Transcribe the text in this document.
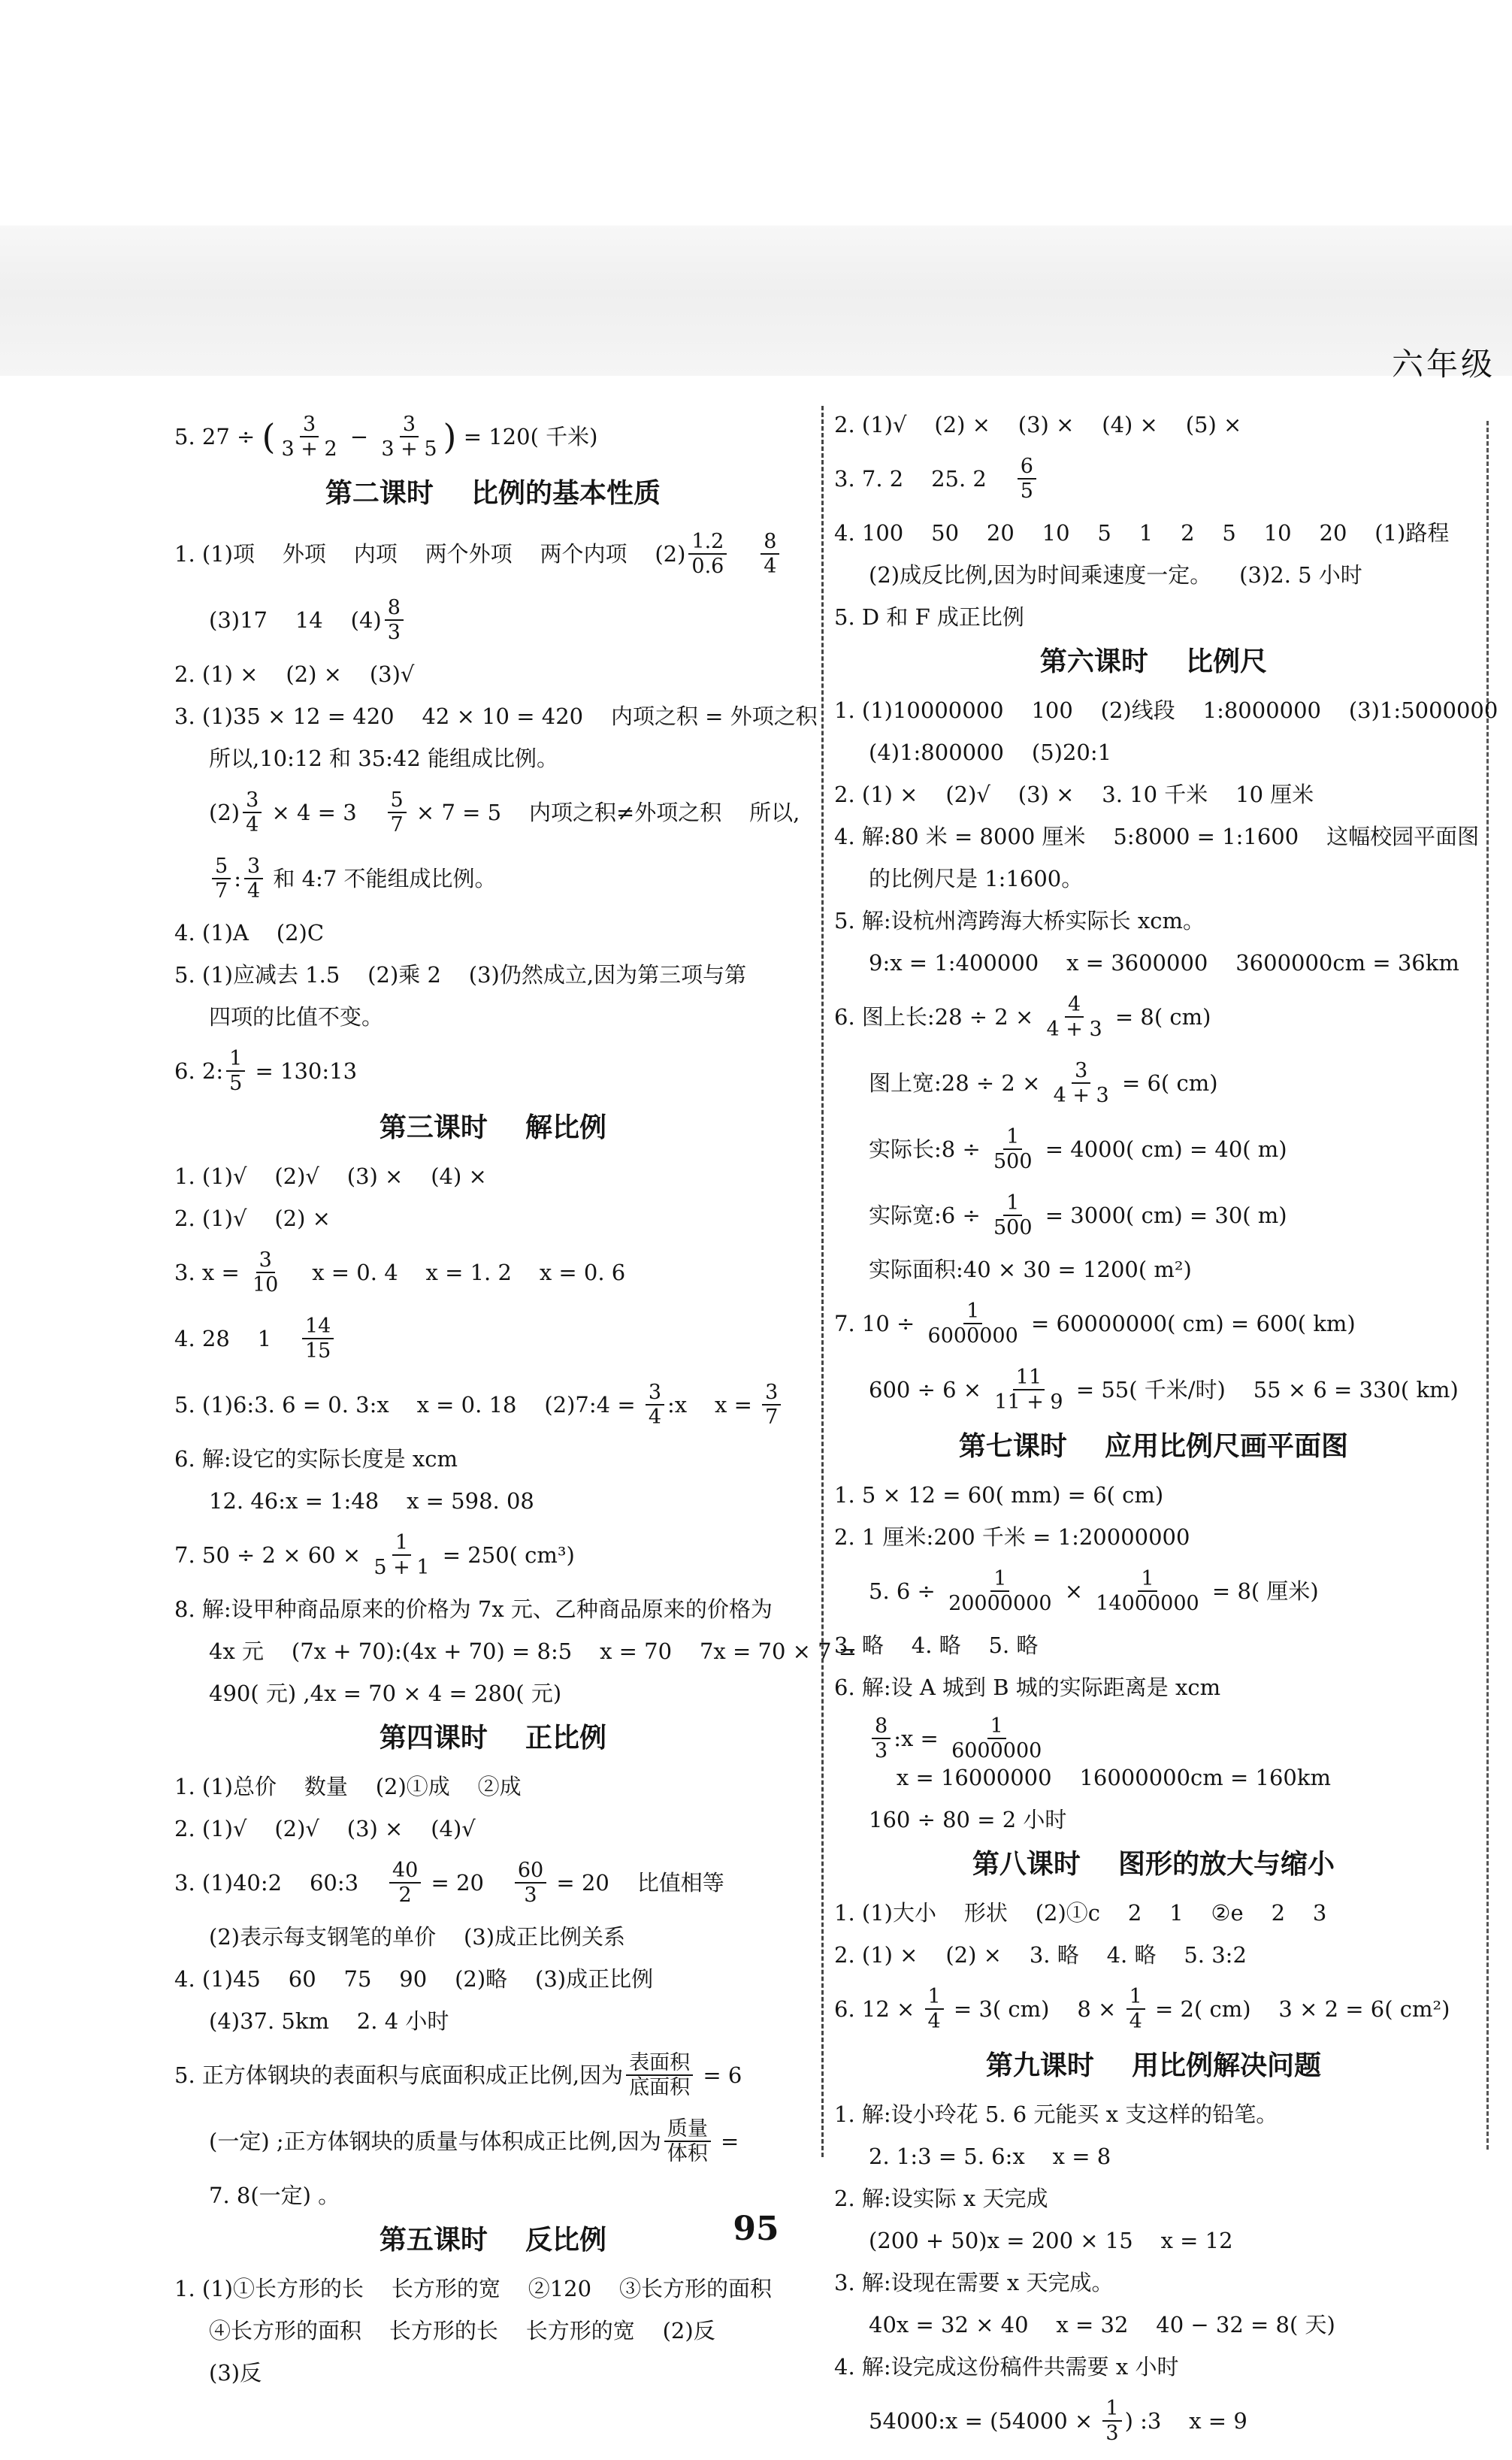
六年级
5. 27 ÷ ( $\frac{3}{3 + 2} - \frac{3}{3 + 5}$ ) = 120( 千米)
第二课时    比例的基本性质
1. (1)项    外项    内项    两个外项    两个内项    $(2) \frac{1.2}{0.6}$
$\frac{8}{4}$
(3)17    14    $(4) \frac{8}{3}$
2. (1) ×    (2) ×    (3)√
3. (1)35 × 12 = 420    42 × 10 = 420    内项之积 = 外项之积
所以,10:12 和 35:42 能组成比例。
$(2) \frac{3}{4} \times 4 = 3 \frac{5}{7} \times 7 = 5$    内项之积≠外项之积    所以,
$\frac{5}{7}$ : $\frac{3}{4}$ 和 4:7 不能组成比例。
4. (1)A    (2)C
5. (1)应减去 1.5    (2)乘 2    (3)仍然成立,因为第三项与第
四项的比值不变。
6. 2: $\frac{1}{5}$ = 130:13
第三课时    解比例
1. (1)√    (2)√    (3) ×    (4) ×
2. (1)√    (2) ×
3. $x = \frac{3}{10}$ x = 0. 4    x = 1. 2    x = 0. 6
4. 28    $1 \frac{14}{15}$
5. (1)6:3. 6 = 0. 3:x    x = 0. 18    (2)7:4 = $\frac{3}{4}$ :x    $x = \frac{3}{7}$
6. 解:设它的实际长度是 xcm
12. 46:x = 1:48    x = 598. 08
7. $50 \div 2 \times 60 \times \frac{1}{5 + 1} = 250$( cm³)
8. 解:设甲种商品原来的价格为 7x 元、乙种商品原来的价格为
4x 元    (7x + 70):(4x + 70) = 8:5    x = 70    7x = 70 × 7 =
490( 元) ,4x = 70 × 4 = 280( 元)
第四课时    正比例
1. (1)总价    数量    (2)①成    ②成
2. (1)√    (2)√    (3) ×    (4)√
3. (1)40:2    60:3 $\frac{40}{2} = 20 \frac{60}{3} = 20$    比值相等
(2)表示每支钢笔的单价    (3)成正比例关系
4. (1)45    60    75    90    (2)略    (3)成正比例
(4)37. 5km    2. 4 小时
5. 正方体钢块的表面积与底面积成正比例,因为 $\frac{\text{表面积}}{\text{底面积}} = 6$
(一定) ;正方体钢块的质量与体积成正比例,因为 $\frac{\text{质量}}{\text{体积}}$ =
7. 8(一定) 。
第五课时    反比例
1. (1)①长方形的长    长方形的宽    ②120    ③长方形的面积
④长方形的面积    长方形的长    长方形的宽    (2)反
(3)反
2. (1)√    (2) ×    (3) ×    (4) ×    (5) ×
3. 7. 2    25. $2 \frac{6}{5}$
4. 100    50    20    10    5    1    2    5    10    20    (1)路程
(2)成反比例,因为时间乘速度一定。    (3)2. 5 小时
5. D 和 F 成正比例
第六课时    比例尺
1. (1)10000000    100    (2)线段    1:8000000    (3)1:5000000
(4)1:800000    (5)20:1
2. (1) ×    (2)√    (3) ×    3. 10 千米    10 厘米
4. 解:80 米 = 8000 厘米    5:8000 = 1:1600    这幅校园平面图
的比例尺是 1:1600。
5. 解:设杭州湾跨海大桥实际长 xcm。
9:x = 1:400000    x = 3600000    3600000cm = 36km
6. 图上长:28 ÷ $2 \times \frac{4}{4 + 3} = 8$( cm)
图上宽:28 ÷ $2 \times \frac{3}{4 + 3} = 6$( cm)
实际长:8 ÷ $\frac{1}{500} = 4000$( cm) = 40( m)
实际宽:6 ÷ $\frac{1}{500} = 3000$( cm) = 30( m)
实际面积:40 × 30 = 1200( m²)
7. $10 \div \frac{1}{6000000} = 60000000$( cm) = 600( km)
$600 \div 6 \times \frac{11}{11 + 9} = 55$( 千米/时)    55 × 6 = 330( km)
第七课时    应用比例尺画平面图
1. 5 × 12 = 60( mm) = 6( cm)
2. 1 厘米:200 千米 = 1:20000000
5. $6 \div \frac{1}{20000000} \times \frac{1}{14000000} = 8$( 厘米)
3. 略    4. 略    5. 略
6. 解:设 A 城到 B 城的实际距离是 xcm
$\frac{8}{3}$ :x = $\frac{1}{6000000}$
x = 16000000    16000000cm = 160km
160 ÷ 80 = 2 小时
第八课时    图形的放大与缩小
1. (1)大小    形状    (2)①c    2    1    ②e    2    3
2. (1) ×    (2) ×    3. 略    4. 略    5. 3:2
6. $12 \times \frac{1}{4} = 3$( cm)    $8 \times \frac{1}{4} = 2$( cm)    3 × 2 = 6( cm²)
第九课时    用比例解决问题
1. 解:设小玲花 5. 6 元能买 x 支这样的铅笔。
2. 1:3 = 5. 6:x    x = 8
2. 解:设实际 x 天完成
(200 + 50)x = 200 × 15    x = 12
3. 解:设现在需要 x 天完成。
40x = 32 × 40    x = 32    40 − 32 = 8( 天)
4. 解:设完成这份稿件共需要 x 小时
54000:x = ($54000 \times \frac{1}{3}$ ) :3    x = 9
95
